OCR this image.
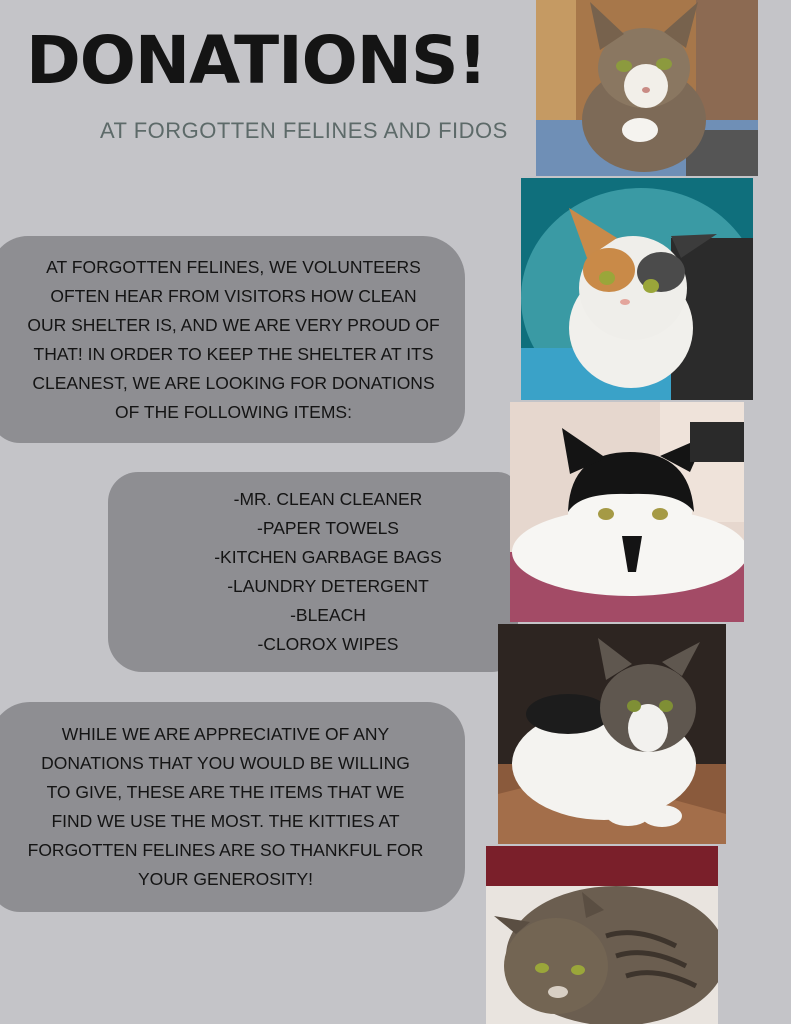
DONATIONS!
AT FORGOTTEN FELINES AND FIDOS
AT FORGOTTEN FELINES, WE VOLUNTEERS
OFTEN HEAR FROM VISITORS HOW CLEAN
OUR SHELTER IS, AND WE ARE VERY PROUD OF
THAT! IN ORDER TO KEEP THE SHELTER AT ITS
CLEANEST, WE ARE LOOKING FOR DONATIONS
OF THE FOLLOWING ITEMS:
-MR. CLEAN CLEANER
-PAPER TOWELS
-KITCHEN GARBAGE BAGS
-LAUNDRY DETERGENT
-BLEACH
-CLOROX WIPES
WHILE WE ARE APPRECIATIVE OF ANY
DONATIONS THAT YOU WOULD BE WILLING
TO GIVE, THESE ARE THE ITEMS THAT WE
FIND WE USE THE MOST. THE KITTIES AT
FORGOTTEN FELINES ARE SO THANKFUL FOR
YOUR GENEROSITY!
